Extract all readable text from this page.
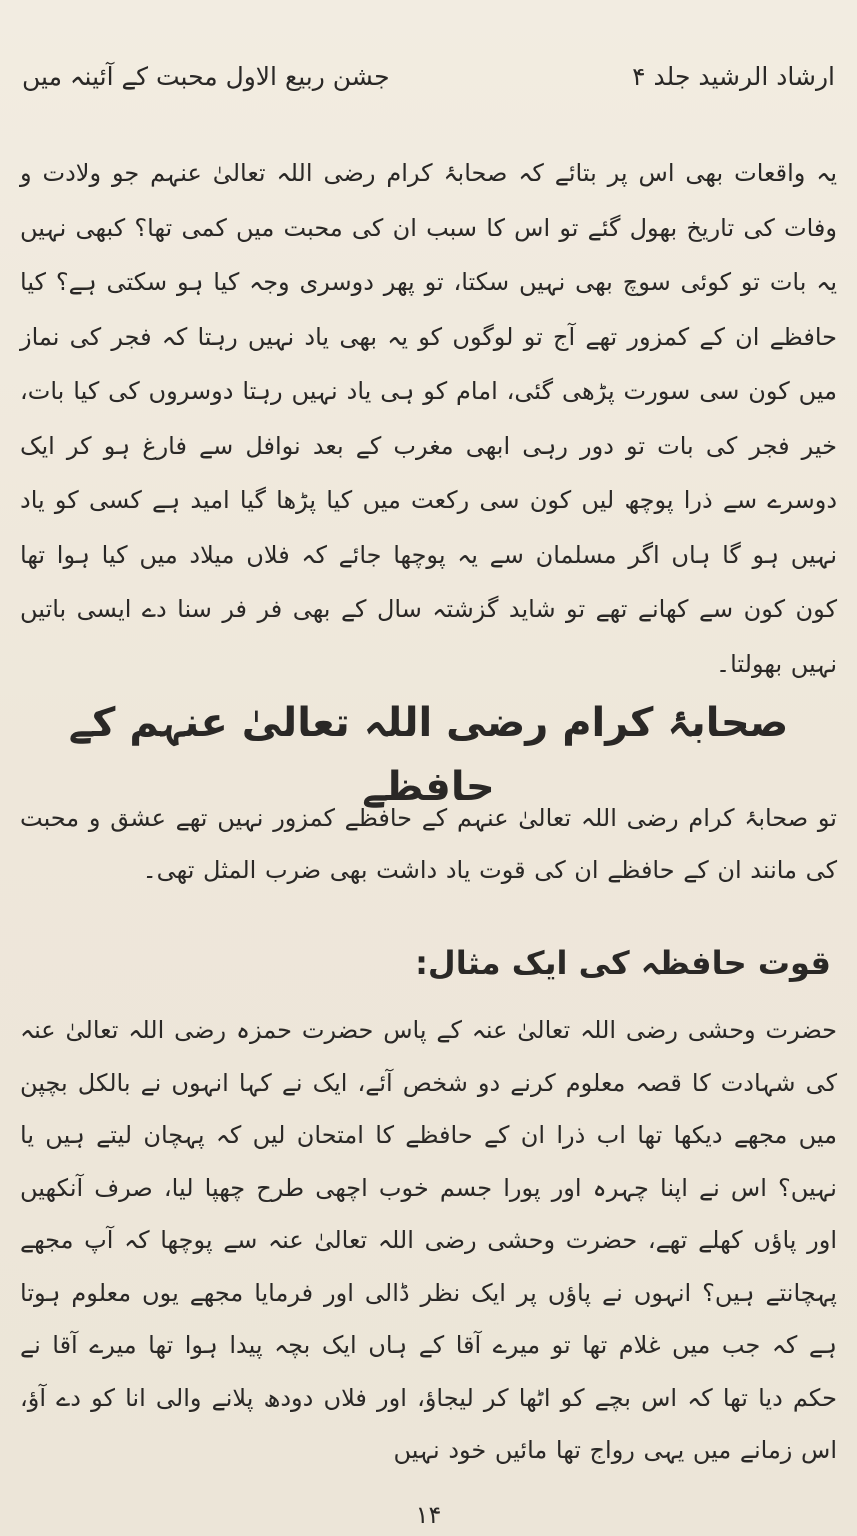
ارشاد الرشید جلد ۴
جشن ربیع الاول محبت کے آئینہ میں

یہ واقعات بھی اس پر بتائے کہ صحابۂ کرام رضی اللہ تعالیٰ عنہم جو ولادت و وفات کی تاریخ بھول گئے تو اس کا سبب ان کی محبت میں کمی تھا؟ کبھی نہیں یہ بات تو کوئی سوچ بھی نہیں سکتا، تو پھر دوسری وجہ کیا ہو سکتی ہے؟ کیا حافظے ان کے کمزور تھے آج تو لوگوں کو یہ بھی یاد نہیں رہتا کہ فجر کی نماز میں کون سی سورت پڑھی گئی، امام کو ہی یاد نہیں رہتا دوسروں کی کیا بات، خیر فجر کی بات تو دور رہی ابھی مغرب کے بعد نوافل سے فارغ ہو کر ایک دوسرے سے ذرا پوچھ لیں کون سی رکعت میں کیا پڑھا گیا امید ہے کسی کو یاد نہیں ہو گا ہاں اگر مسلمان سے یہ پوچھا جائے کہ فلاں میلاد میں کیا ہوا تھا کون کون سے کھانے تھے تو شاید گزشتہ سال کے بھی فر فر سنا دے ایسی باتیں نہیں بھولتا۔

صحابۂ کرام رضی اللہ تعالیٰ عنہم کے حافظے

تو صحابۂ کرام رضی اللہ تعالیٰ عنہم کے حافظے کمزور نہیں تھے عشق و محبت کی مانند ان کے حافظے ان کی قوت یاد داشت بھی ضرب المثل تھی۔

قوت حافظہ کی ایک مثال:

حضرت وحشی رضی اللہ تعالیٰ عنہ کے پاس حضرت حمزہ رضی اللہ تعالیٰ عنہ کی شہادت کا قصہ معلوم کرنے دو شخص آئے، ایک نے کہا انہوں نے بالکل بچپن میں مجھے دیکھا تھا اب ذرا ان کے حافظے کا امتحان لیں کہ پہچان لیتے ہیں یا نہیں؟ اس نے اپنا چہرہ اور پورا جسم خوب اچھی طرح چھپا لیا، صرف آنکھیں اور پاؤں کھلے تھے، حضرت وحشی رضی اللہ تعالیٰ عنہ سے پوچھا کہ آپ مجھے پہچانتے ہیں؟ انہوں نے پاؤں پر ایک نظر ڈالی اور فرمایا مجھے یوں معلوم ہوتا ہے کہ جب میں غلام تھا تو میرے آقا کے ہاں ایک بچہ پیدا ہوا تھا میرے آقا نے حکم دیا تھا کہ اس بچے کو اٹھا کر لیجاؤ، اور فلاں دودھ پلانے والی انا کو دے آؤ، اس زمانے میں یہی رواج تھا مائیں خود نہیں

۱۴
